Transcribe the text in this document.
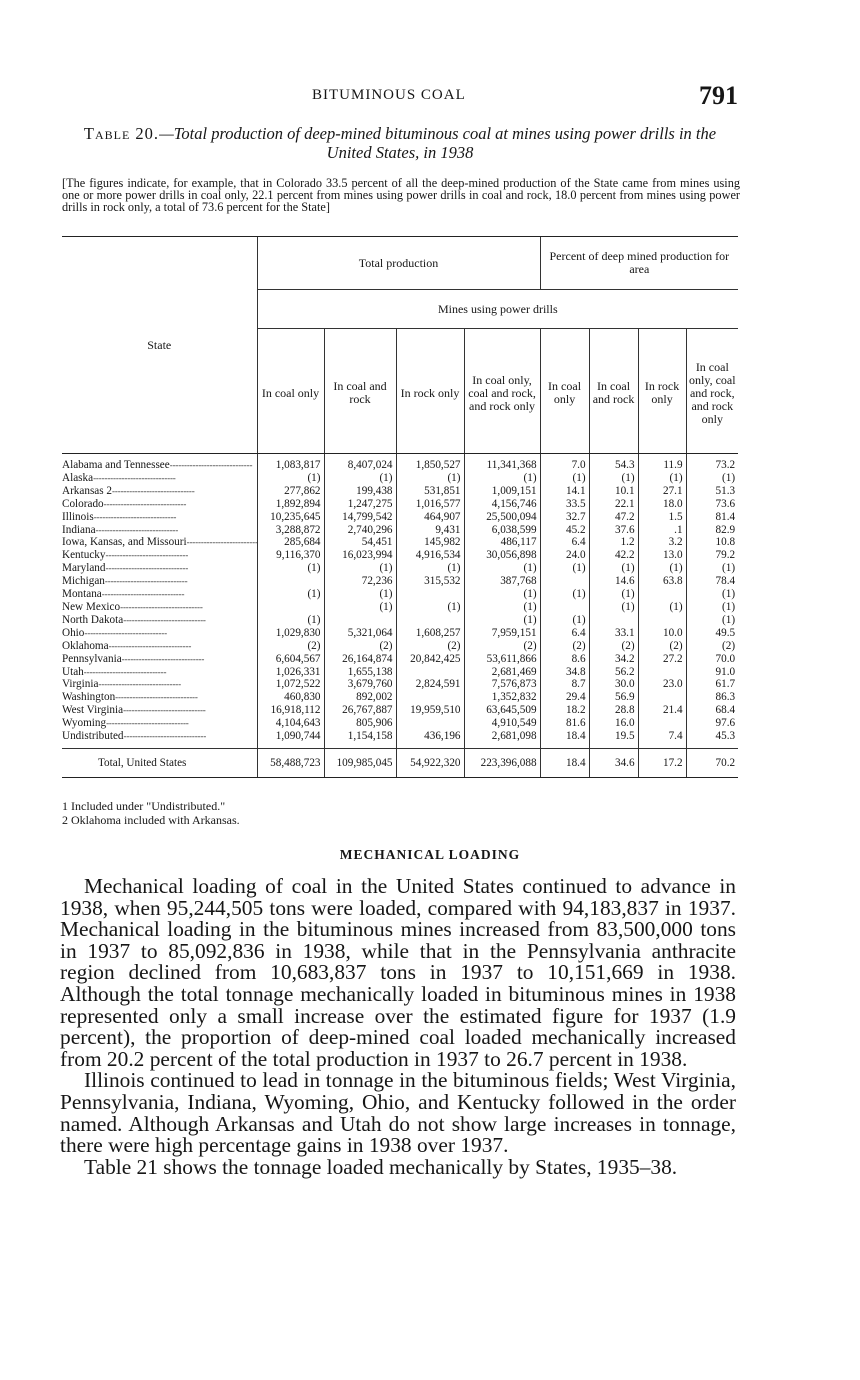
BITUMINOUS COAL	791
Table 20.—Total production of deep-mined bituminous coal at mines using power drills in the United States, in 1938
[The figures indicate, for example, that in Colorado 33.5 percent of all the deep-mined production of the State came from mines using one or more power drills in coal only, 22.1 percent from mines using power drills in coal and rock, 18.0 percent from mines using power drills in rock only, a total of 73.6 percent for the State]
State	Total production				Percent of deep mined production for area			
	Mines using power drills							
	In coal only	In coal and rock	In rock only	In coal only, coal and rock, and rock only	In coal only	In coal and rock	In rock only	In coal only, coal and rock, and rock only
Alabama and Tennessee - - -	1,083,817	8,407,024	1,850,527	11,341,368	7.0	54.3	11.9	73.2
Alaska - - -	(1)	(1)	(1)	(1)	(1)	(1)	(1)	(1)
Arkansas 2 - - -	277,862	199,438	531,851	1,009,151	14.1	10.1	27.1	51.3
Colorado - - -	1,892,894	1,247,275	1,016,577	4,156,746	33.5	22.1	18.0	73.6
Illinois - - -	10,235,645	14,799,542	464,907	25,500,094	32.7	47.2	1.5	81.4
Indiana - - -	3,288,872	2,740,296	9,431	6,038,599	45.2	37.6	.1	82.9
Iowa, Kansas, and Missouri - - -	285,684	54,451	145,982	486,117	6.4	1.2	3.2	10.8
Kentucky - - -	9,116,370	16,023,994	4,916,534	30,056,898	24.0	42.2	13.0	79.2
Maryland - - -	(1)	(1)	(1)	(1)	(1)	(1)	(1)	(1)
Michigan - - -		72,236	315,532	387,768		14.6	63.8	78.4
Montana - - -	(1)	(1)		(1)	(1)	(1)		(1)
New Mexico - - -		(1)	(1)	(1)		(1)	(1)	(1)
North Dakota - - -	(1)			(1)	(1)			(1)
Ohio - - -	1,029,830	5,321,064	1,608,257	7,959,151	6.4	33.1	10.0	49.5
Oklahoma - - -	(2)	(2)	(2)	(2)	(2)	(2)	(2)	(2)
Pennsylvania - - -	6,604,567	26,164,874	20,842,425	53,611,866	8.6	34.2	27.2	70.0
Utah - - -	1,026,331	1,655,138		2,681,469	34.8	56.2		91.0
Virginia - - -	1,072,522	3,679,760	2,824,591	7,576,873	8.7	30.0	23.0	61.7
Washington - - -	460,830	892,002		1,352,832	29.4	56.9		86.3
West Virginia - - -	16,918,112	26,767,887	19,959,510	63,645,509	18.2	28.8	21.4	68.4
Wyoming - - -	4,104,643	805,906		4,910,549	81.6	16.0		97.6
Undistributed - - -	1,090,744	1,154,158	436,196	2,681,098	18.4	19.5	7.4	45.3
Total, United States	58,488,723	109,985,045	54,922,320	223,396,088	18.4	34.6	17.2	70.2
1 Included under "Undistributed."
2 Oklahoma included with Arkansas.
MECHANICAL LOADING

Mechanical loading of coal in the United States continued to advance in 1938, when 95,244,505 tons were loaded, compared with 94,183,837 in 1937. Mechanical loading in the bituminous mines increased from 83,500,000 tons in 1937 to 85,092,836 in 1938, while that in the Pennsylvania anthracite region declined from 10,683,837 tons in 1937 to 10,151,669 in 1938. Although the total tonnage mechanically loaded in bituminous mines in 1938 represented only a small increase over the estimated figure for 1937 (1.9 percent), the proportion of deep-mined coal loaded mechanically increased from 20.2 percent of the total production in 1937 to 26.7 percent in 1938.

Illinois continued to lead in tonnage in the bituminous fields; West Virginia, Pennsylvania, Indiana, Wyoming, Ohio, and Kentucky followed in the order named. Although Arkansas and Utah do not show large increases in tonnage, there were high percentage gains in 1938 over 1937.

Table 21 shows the tonnage loaded mechanically by States, 1935–38.
